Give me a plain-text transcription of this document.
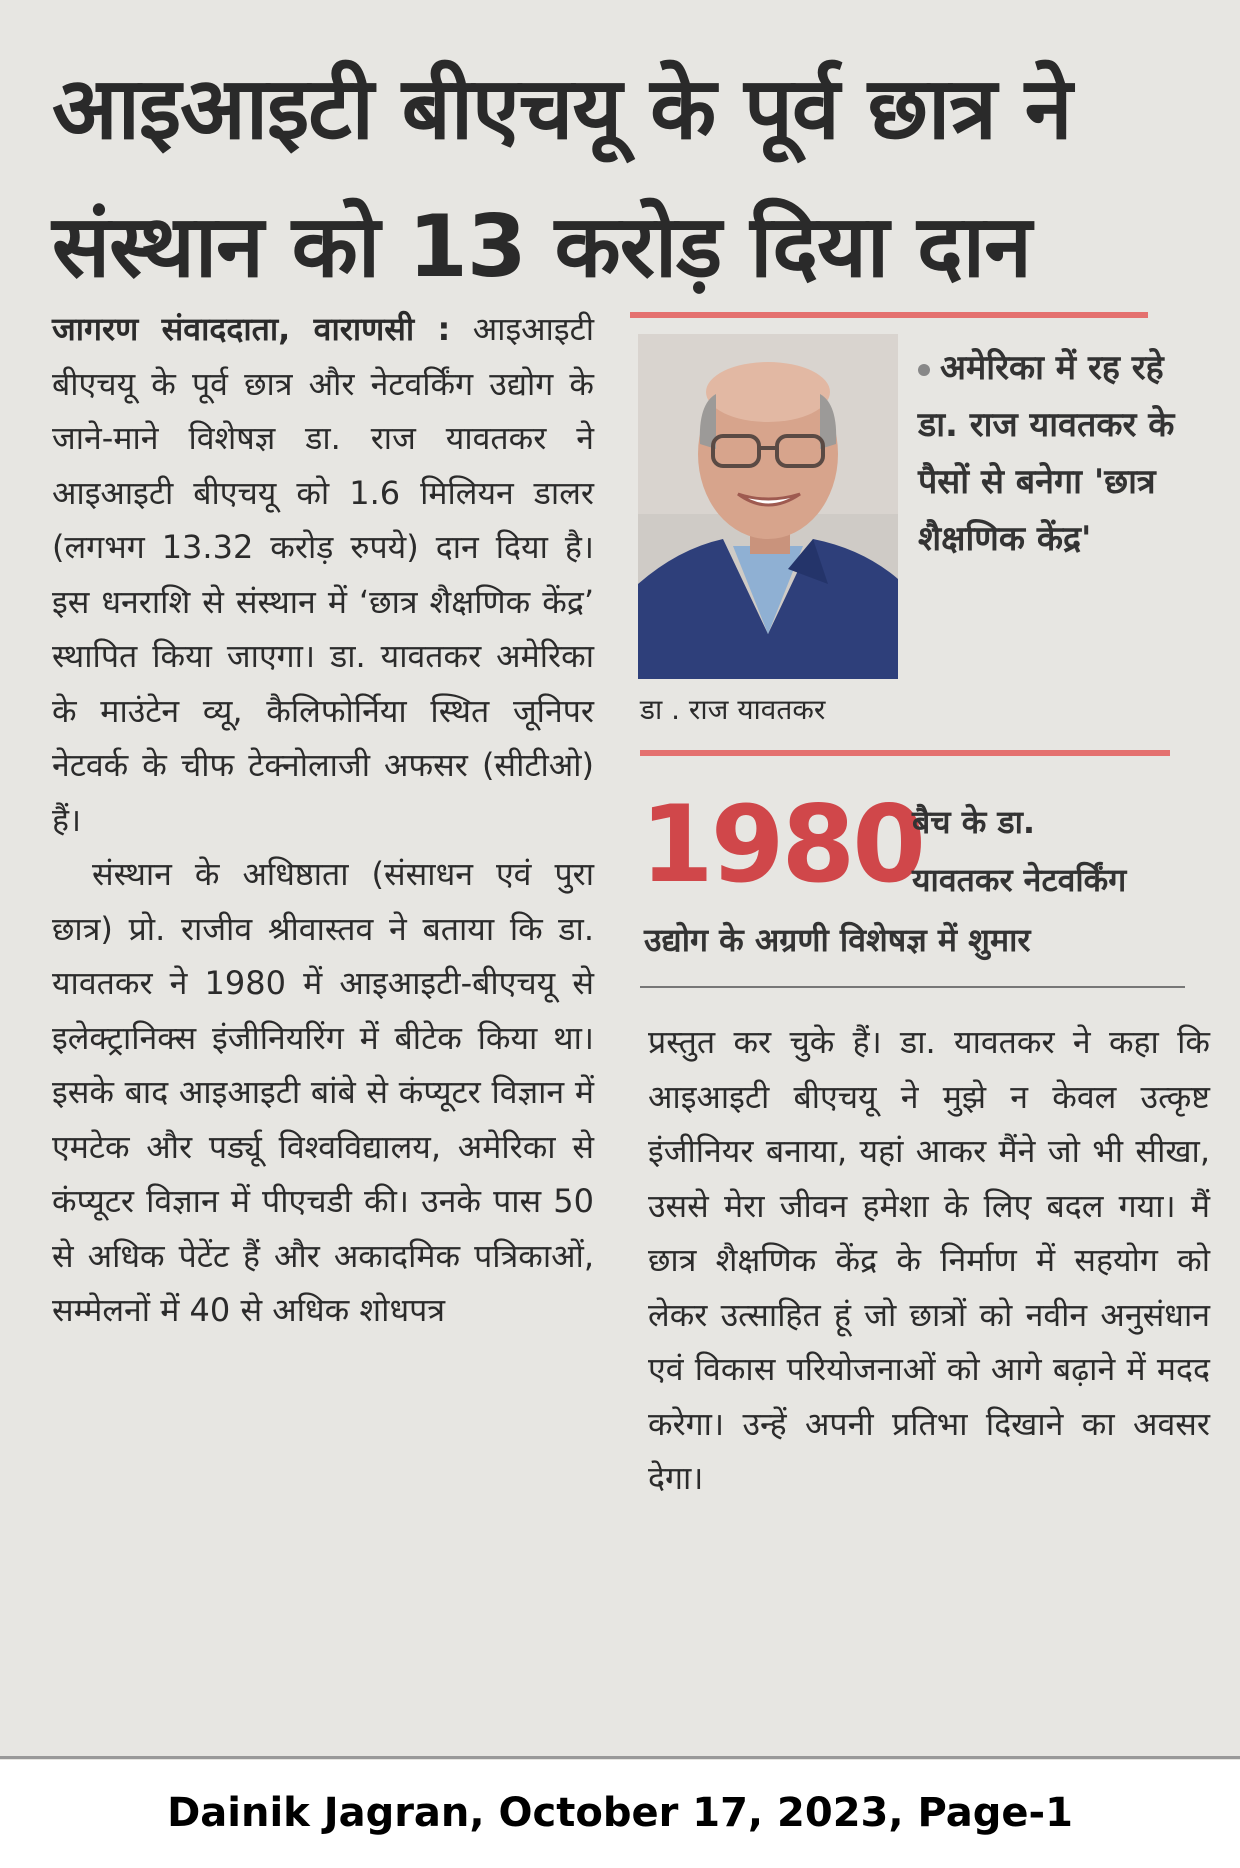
आइआइटी बीएचयू के पूर्व छात्र ने
संस्थान को 13 करोड़ दिया दान

जागरण संवाददाता, वाराणसी : आइआइटी बीएचयू के पूर्व छात्र और नेटवर्किंग उद्योग के जाने-माने विशेषज्ञ डा. राज यावतकर ने आइआइटी बीएचयू को 1.6 मिलियन डालर (लगभग 13.32 करोड़ रुपये) दान दिया है। इस धनराशि से संस्थान में ‘छात्र शैक्षणिक केंद्र’ स्थापित किया जाएगा। डा. यावतकर अमेरिका के माउंटेन व्यू, कैलिफोर्निया स्थित जूनिपर नेटवर्क के चीफ टेक्नोलाजी अफसर (सीटीओ) हैं।

संस्थान के अधिष्ठाता (संसाधन एवं पुरा छात्र) प्रो. राजीव श्रीवास्तव ने बताया कि डा. यावतकर ने 1980 में आइआइटी-बीएचयू से इलेक्ट्रानिक्स इंजीनियरिंग में बीटेक किया था। इसके बाद आइआइटी बांबे से कंप्यूटर विज्ञान में एमटेक और पर्ड्यू विश्वविद्यालय, अमेरिका से कंप्यूटर विज्ञान में पीएचडी की। उनके पास 50 से अधिक पेटेंट हैं और अकादमिक पत्रिकाओं, सम्मेलनों में 40 से अधिक शोधपत्र

डा . राज यावतकर
अमेरिका में रह रहे डा. राज यावतकर के पैसों से बनेगा 'छात्र शैक्षणिक केंद्र'
1980
बैच के डा.
यावतकर नेटवर्किंग
उद्योग के अग्रणी विशेषज्ञ में शुमार

प्रस्तुत कर चुके हैं। डा. यावतकर ने कहा कि आइआइटी बीएचयू ने मुझे न केवल उत्कृष्ट इंजीनियर बनाया, यहां आकर मैंने जो भी सीखा, उससे मेरा जीवन हमेशा के लिए बदल गया। मैं छात्र शैक्षणिक केंद्र के निर्माण में सहयोग को लेकर उत्साहित हूं जो छात्रों को नवीन अनुसंधान एवं विकास परियोजनाओं को आगे बढ़ाने में मदद करेगा। उन्हें अपनी प्रतिभा दिखाने का अवसर देगा।

Dainik Jagran, October 17, 2023, Page-1
